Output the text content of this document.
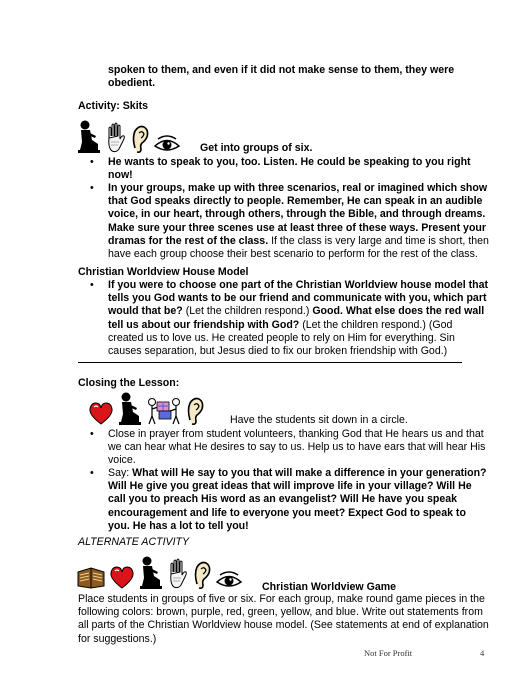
spoken to them, and even if it did not make sense to them, they were
obedient.
Activity: Skits
Get into groups of six.
• He wants to speak to you, too. Listen. He could be speaking to you right
now!
• In your groups, make up with three scenarios, real or imagined which show
that God speaks directly to people. Remember, He can speak in an audible
voice, in our heart, through others, through the Bible, and through dreams.
Make sure your three scenes use at least three of these ways. Present your
dramas for the rest of the class. If the class is very large and time is short, then
have each group choose their best scenario to perform for the rest of the class.
Christian Worldview House Model
• If you were to choose one part of the Christian Worldview house model that
tells you God wants to be our friend and communicate with you, which part
would that be? (Let the children respond.) Good. What else does the red wall
tell us about our friendship with God? (Let the children respond.) (God
created us to love us. He created people to rely on Him for everything. Sin
causes separation, but Jesus died to fix our broken friendship with God.)
Closing the Lesson:
Have the students sit down in a circle.
• Close in prayer from student volunteers, thanking God that He hears us and that
we can hear what He desires to say to us. Help us to have ears that will hear His
voice.
• Say: What will He say to you that will make a difference in your generation?
Will He give you great ideas that will improve life in your village? Will He
call you to preach His word as an evangelist? Will He have you speak
encouragement and life to everyone you meet? Expect God to speak to
you. He has a lot to tell you!
ALTERNATE ACTIVITY
Christian Worldview Game
Place students in groups of five or six. For each group, make round game pieces in the
following colors: brown, purple, red, green, yellow, and blue. Write out statements from
all parts of the Christian Worldview house model. (See statements at end of explanation
for suggestions.)
Not For Profit	4
